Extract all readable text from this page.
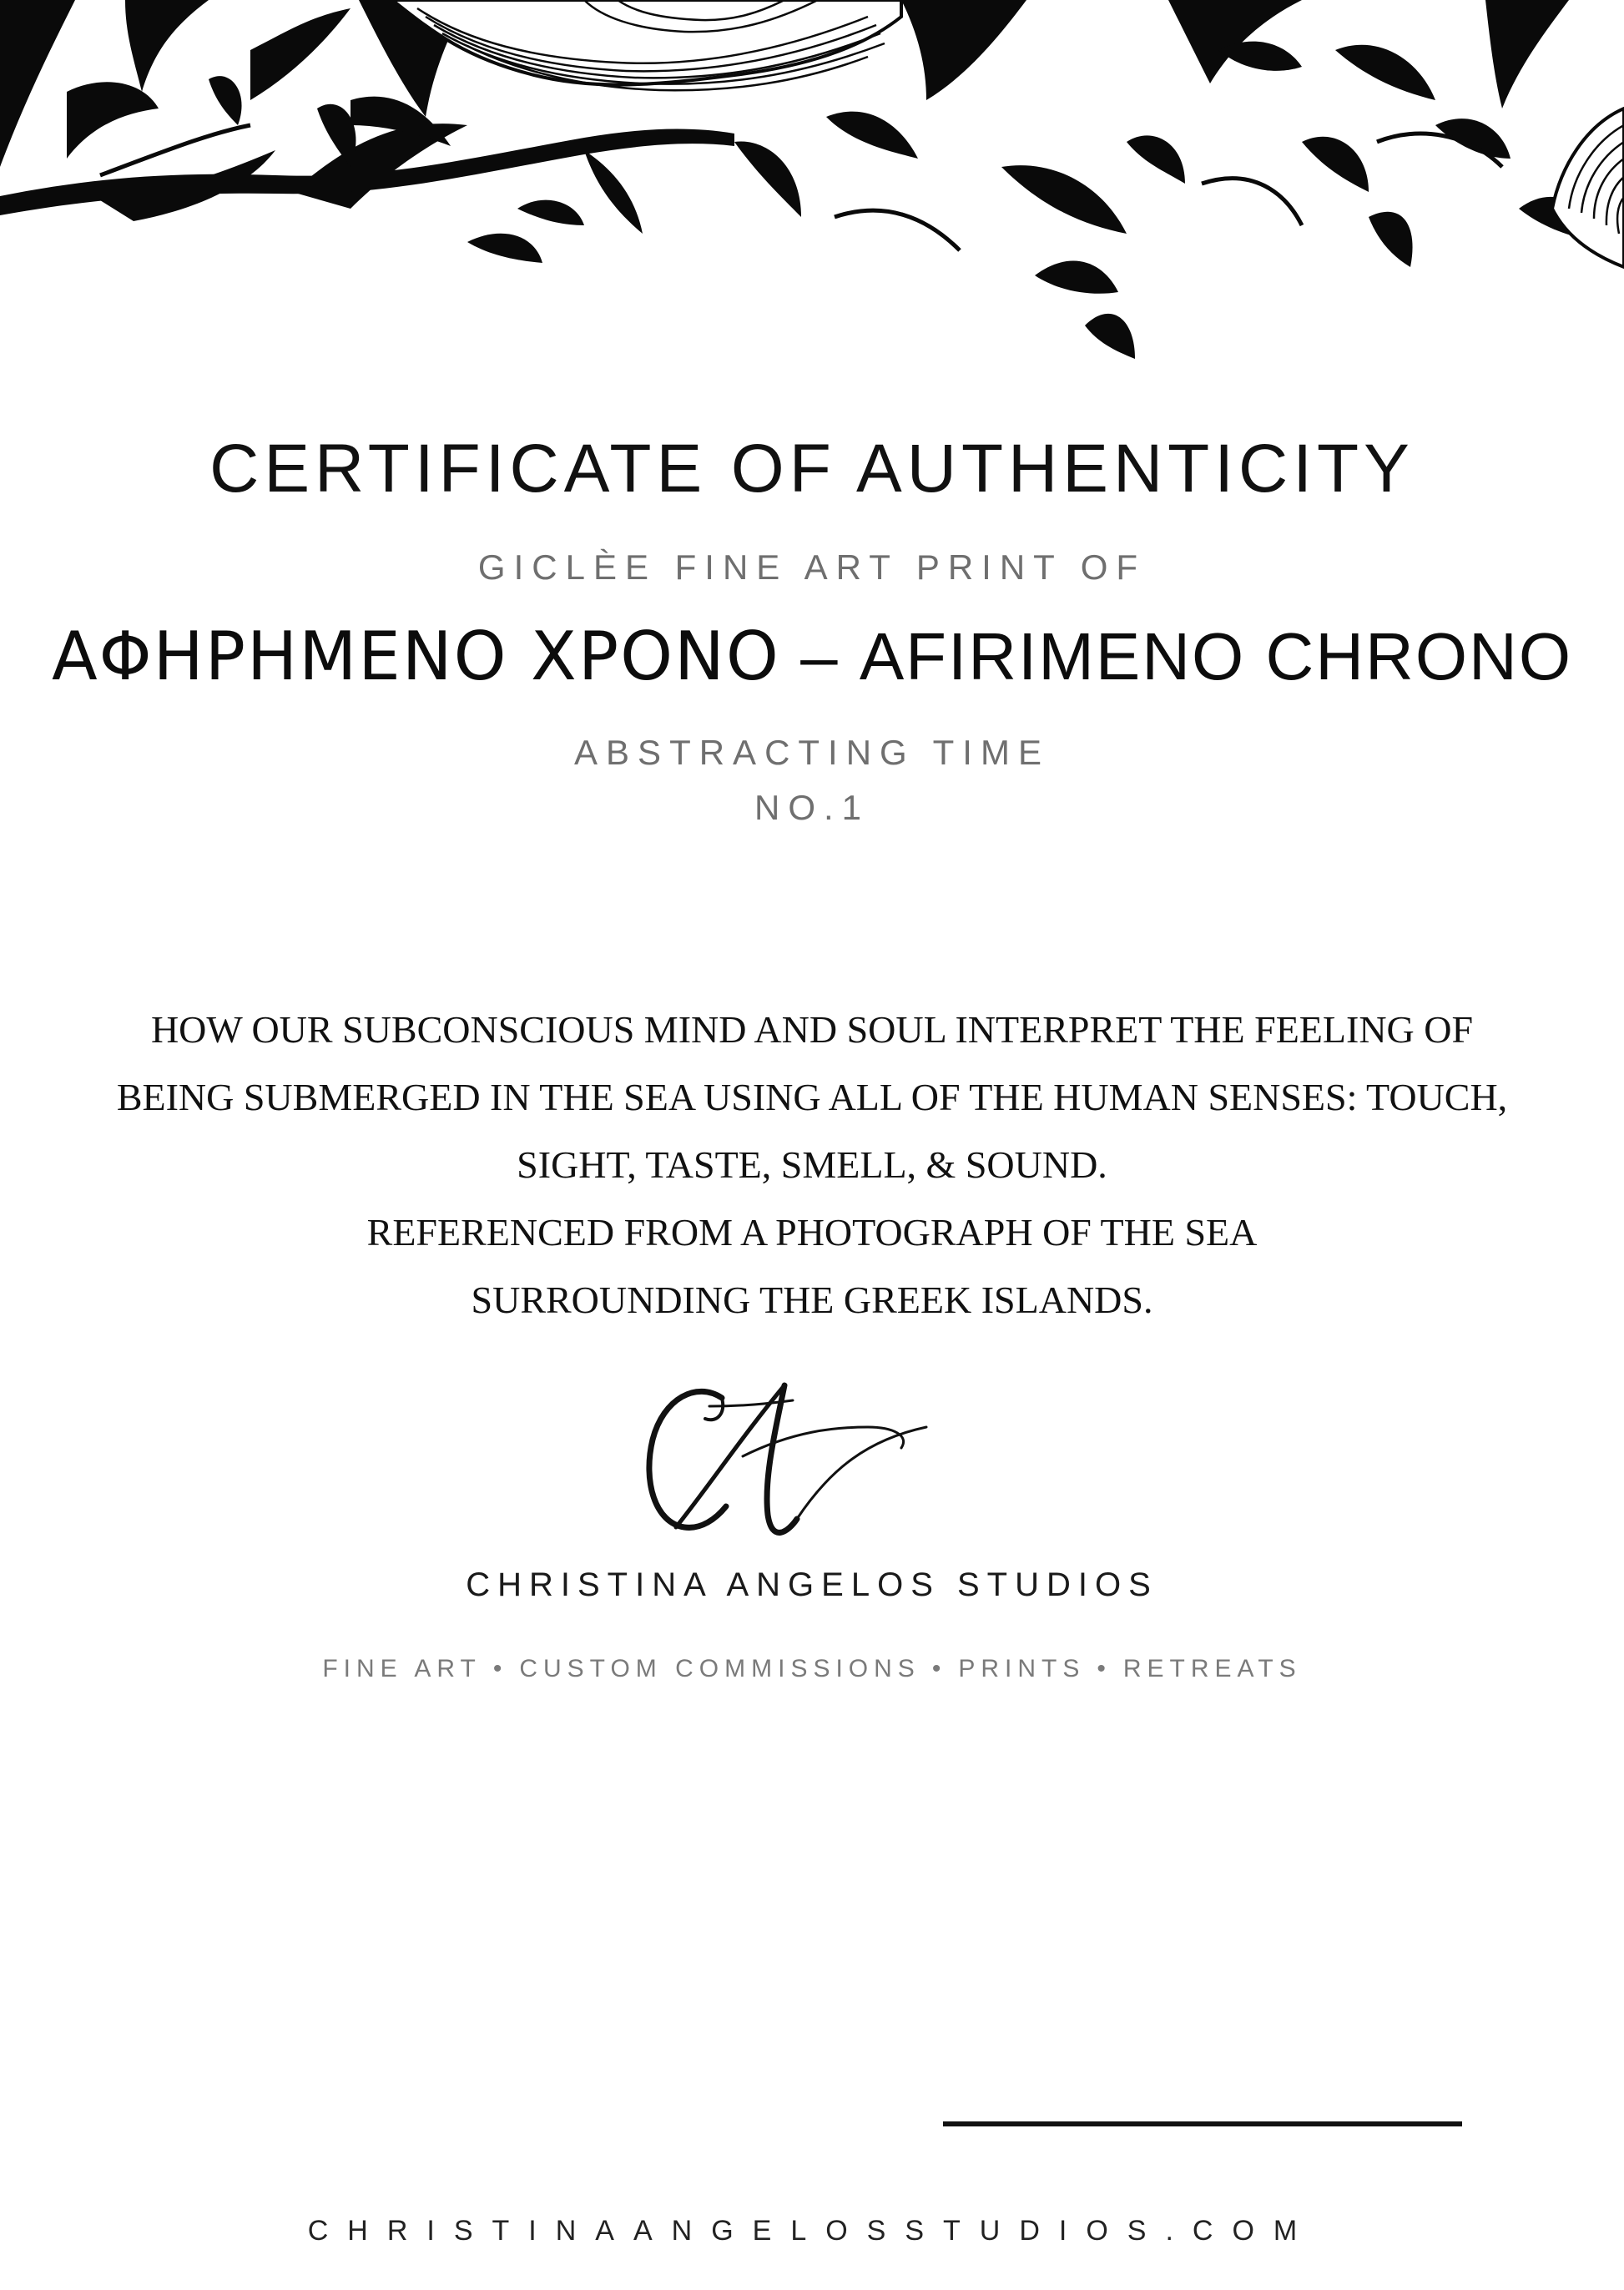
CERTIFICATE OF AUTHENTICITY
GICLÈE FINE ART PRINT OF
ΑΦΗΡΗΜΕΝΟ ΧΡΟΝΟ – AFIRIMENO CHRONO
ABSTRACTING TIME
NO.1
HOW OUR SUBCONSCIOUS MIND AND SOUL INTERPRET THE FEELING OF
BEING SUBMERGED IN THE SEA USING ALL OF THE HUMAN SENSES: TOUCH,
SIGHT, TASTE, SMELL, & SOUND.
REFERENCED FROM A PHOTOGRAPH OF THE SEA
SURROUNDING THE GREEK ISLANDS.
CHRISTINA ANGELOS STUDIOS
FINE ART • CUSTOM COMMISSIONS • PRINTS • RETREATS
CHRISTINAANGELOSSTUDIOS.COM
